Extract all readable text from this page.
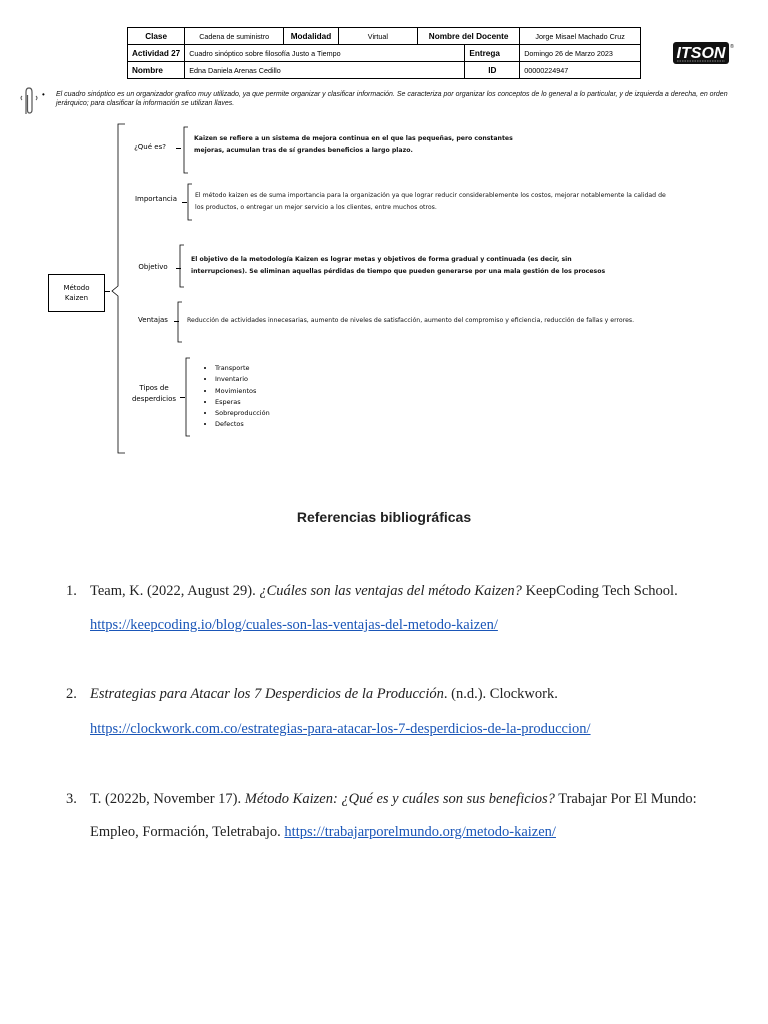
Clase	Cadena de suministro	Modalidad	Virtual	Nombre del Docente		Jorge Misael Machado Cruz
Actividad 27	Cuadro sinóptico sobre filosofía Justo a Tiempo				Entrega	Domingo 26 de Marzo 2023
Nombre	Edna Daniela Arenas Cedillo				ID	00000224947
ITSON ®
• El cuadro sinóptico es un organizador grafico muy utilizado, ya que permite organizar y clasificar información. Se caracteriza por organizar los conceptos de lo general a lo particular, y de izquierda a derecha, en orden jerárquico; para clasificar la información se utilizan llaves.
Método
Kaizen
¿Qué es?
Kaizen se refiere a un sistema de mejora continua en el que las pequeñas, pero constantes
mejoras, acumulan tras de sí grandes beneficios a largo plazo.
Importancia	El método kaizen es de suma importancia para la organización ya que lograr reducir considerablemente los costos, mejorar notablemente la calidad de
los productos, o entregar un mejor servicio a los clientes, entre muchos otros.
Objetivo
El objetivo de la metodología Kaizen es lograr metas y objetivos de forma gradual y continuada (es decir, sin
interrupciones). Se eliminan aquellas pérdidas de tiempo que pueden generarse por una mala gestión de los procesos
Ventajas	Reducción de actividades innecesarias, aumento de niveles de satisfacción, aumento del compromiso y eficiencia, reducción de fallas y errores.
Tipos de
desperdicios
• Transporte
• Inventario
• Movimientos
• Esperas
• Sobreproducción
• Defectos
Referencias bibliográficas
1. Team, K. (2022, August 29). ¿Cuáles son las ventajas del método Kaizen? KeepCoding Tech School.
https://keepcoding.io/blog/cuales-son-las-ventajas-del-metodo-kaizen/
2. Estrategias para Atacar los 7 Desperdicios de la Producción. (n.d.). Clockwork.
https://clockwork.com.co/estrategias-para-atacar-los-7-desperdicios-de-la-produccion/
3. T. (2022b, November 17). Método Kaizen: ¿Qué es y cuáles son sus beneficios? Trabajar Por El Mundo:
Empleo, Formación, Teletrabajo. https://trabajarporelmundo.org/metodo-kaizen/
